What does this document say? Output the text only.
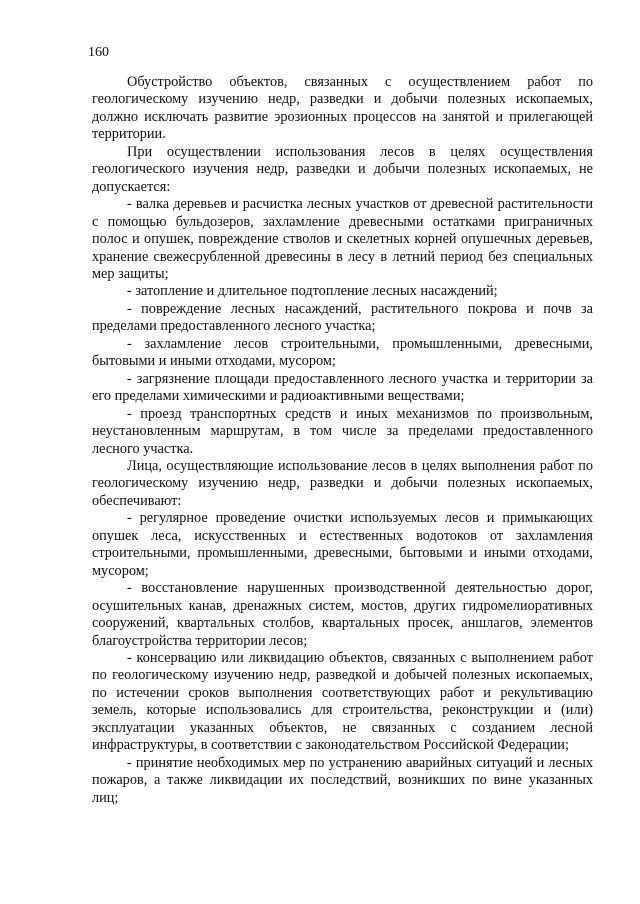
160

Обустройство объектов, связанных с осуществлением работ по геологическому изучению недр, разведки и добычи полезных ископаемых, должно исключать развитие эрозионных процессов на занятой и прилегающей территории.

При осуществлении использования лесов в целях осуществления геологического изучения недр, разведки и добычи полезных ископаемых, не допускается:

- валка деревьев и расчистка лесных участков от древесной растительности с помощью бульдозеров, захламление древесными остатками приграничных полос и опушек, повреждение стволов и скелетных корней опушечных деревьев, хранение свежесрубленной древесины в лесу в летний период без специальных мер защиты;

- затопление и длительное подтопление лесных насаждений;

- повреждение лесных насаждений, растительного покрова и почв за пределами предоставленного лесного участка;

- захламление лесов строительными, промышленными, древесными, бытовыми и иными отходами, мусором;

- загрязнение площади предоставленного лесного участка и территории за его пределами химическими и радиоактивными веществами;

- проезд транспортных средств и иных механизмов по произвольным, неустановленным маршрутам, в том числе за пределами предоставленного лесного участка.

Лица, осуществляющие использование лесов в целях выполнения работ по геологическому изучению недр, разведки и добычи полезных ископаемых, обеспечивают:

- регулярное проведение очистки используемых лесов и примыкающих опушек леса, искусственных и естественных водотоков от захламления строительными, промышленными, древесными, бытовыми и иными отходами, мусором;

- восстановление нарушенных производственной деятельностью дорог, осушительных канав, дренажных систем, мостов, других гидромелиоративных сооружений, квартальных столбов, квартальных просек, аншлагов, элементов благоустройства территории лесов;

- консервацию или ликвидацию объектов, связанных с выполнением работ по геологическому изучению недр, разведкой и добычей полезных ископаемых, по истечении сроков выполнения соответствующих работ и рекультивацию земель, которые использовались для строительства, реконструкции и (или) эксплуатации указанных объектов, не связанных с созданием лесной инфраструктуры, в соответствии с законодательством Российской Федерации;

- принятие необходимых мер по устранению аварийных ситуаций и лесных пожаров, а также ликвидации их последствий, возникших по вине указанных лиц;
